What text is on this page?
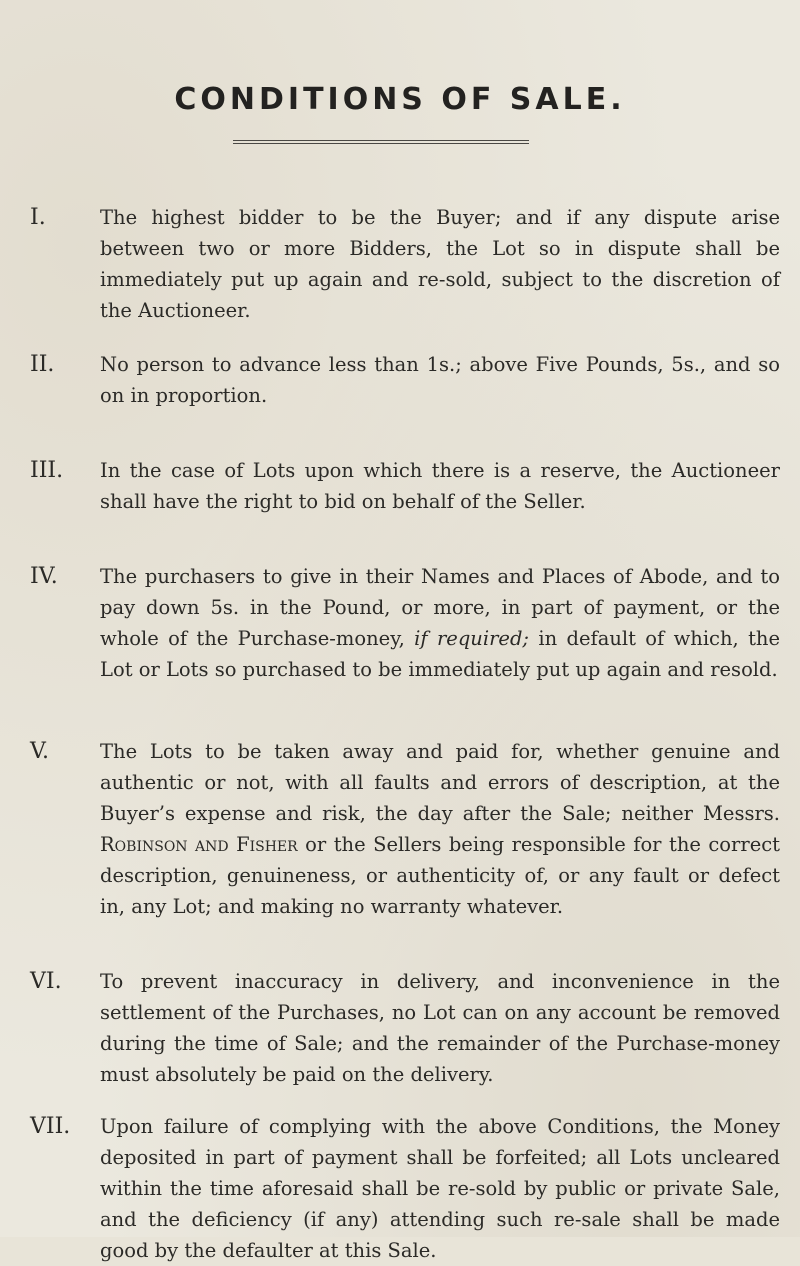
CONDITIONS OF SALE.
I.	The highest bidder to be the Buyer; and if any dispute arise between two or more Bidders, the Lot so in dispute shall be immediately put up again and re-sold, subject to the discretion of the Auctioneer.
II.	No person to advance less than 1s.; above Five Pounds, 5s., and so on in proportion.
III.	In the case of Lots upon which there is a reserve, the Auctioneer shall have the right to bid on behalf of the Seller.
IV.	The purchasers to give in their Names and Places of Abode, and to pay down 5s. in the Pound, or more, in part of payment, or the whole of the Purchase-money, if required; in default of which, the Lot or Lots so purchased to be immediately put up again and resold.
V.	The Lots to be taken away and paid for, whether genuine and authentic or not, with all faults and errors of description, at the Buyer’s expense and risk, the day after the Sale; neither Messrs. Robinson and Fisher or the Sellers being responsible for the correct description, genuineness, or authenticity of, or any fault or defect in, any Lot; and making no warranty whatever.
VI.	To prevent inaccuracy in delivery, and inconvenience in the settlement of the Purchases, no Lot can on any account be removed during the time of Sale; and the remainder of the Purchase-money must absolutely be paid on the delivery.
VII.	Upon failure of complying with the above Conditions, the Money deposited in part of payment shall be forfeited; all Lots uncleared within the time aforesaid shall be re-sold by public or private Sale, and the deficiency (if any) attending such re-sale shall be made good by the defaulter at this Sale.
